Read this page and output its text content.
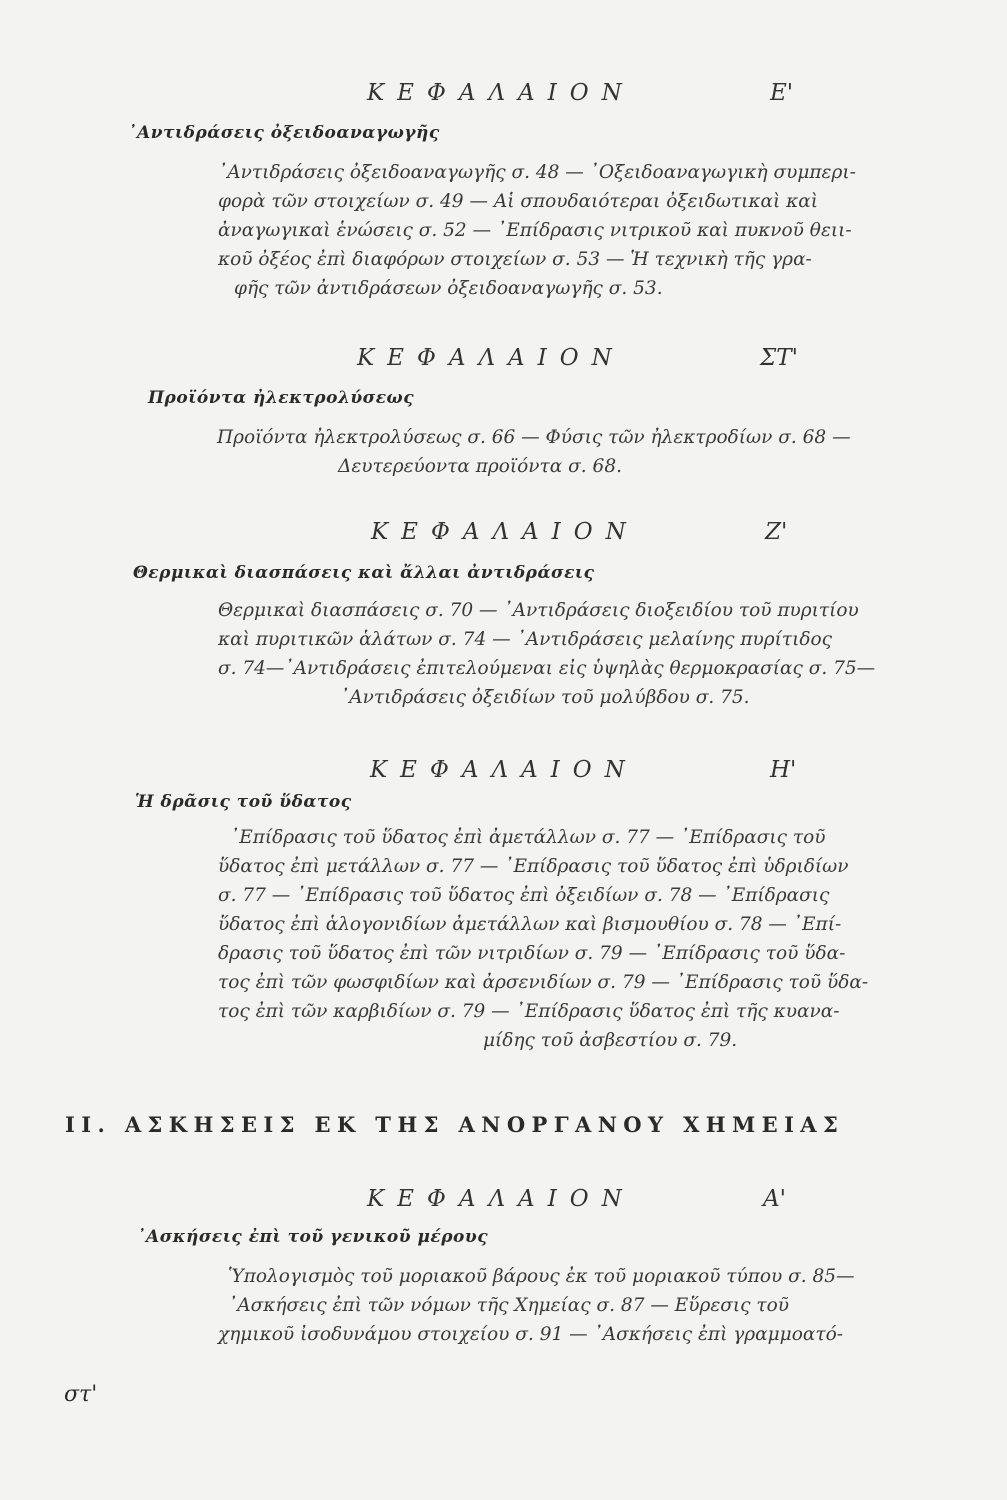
ΚΕΦΑΛΑΙΟΝ	Ε'
᾿Αντιδράσεις ὀξειδοαναγωγῆς
᾿Αντιδράσεις ὀξειδοαναγωγῆς σ. 48 — ᾿Οξειδοαναγωγικὴ συμπερι-
φορὰ τῶν στοιχείων σ. 49 — Αἱ σπουδαιότεραι ὀξειδωτικαὶ καὶ
ἀναγωγικαὶ ἑνώσεις σ. 52 — ᾿Επίδρασις νιτρικοῦ καὶ πυκνοῦ θειι-
κοῦ ὀξέος ἐπὶ διαφόρων στοιχείων σ. 53 — Ἡ τεχνικὴ τῆς γρα-
φῆς τῶν ἀντιδράσεων ὀξειδοαναγωγῆς σ. 53.
ΚΕΦΑΛΑΙΟΝ	ΣΤ'
Προϊόντα ἠλεκτρολύσεως
Προϊόντα ἠλεκτρολύσεως σ. 66 — Φύσις τῶν ἠλεκτροδίων σ. 68 —
Δευτερεύοντα προϊόντα σ. 68.
ΚΕΦΑΛΑΙΟΝ	Ζ'
Θερμικαὶ διασπάσεις καὶ ἄλλαι ἀντιδράσεις
Θερμικαὶ διασπάσεις σ. 70 — ᾿Αντιδράσεις διοξειδίου τοῦ πυριτίου
καὶ πυριτικῶν ἁλάτων σ. 74 — ᾿Αντιδράσεις μελαίνης πυρίτιδος
σ. 74—᾿Αντιδράσεις ἐπιτελούμεναι εἰς ὑψηλὰς θερμοκρασίας σ. 75—
᾿Αντιδράσεις ὀξειδίων τοῦ μολύβδου σ. 75.
ΚΕΦΑΛΑΙΟΝ	Η'
Ἡ δρᾶσις τοῦ ὕδατος
᾿Επίδρασις τοῦ ὕδατος ἐπὶ ἀμετάλλων σ. 77 — ᾿Επίδρασις τοῦ
ὕδατος ἐπὶ μετάλλων σ. 77 — ᾿Επίδρασις τοῦ ὕδατος ἐπὶ ὑδριδίων
σ. 77 — ᾿Επίδρασις τοῦ ὕδατος ἐπὶ ὀξειδίων σ. 78 — ᾿Επίδρασις
ὕδατος ἐπὶ ἁλογονιδίων ἀμετάλλων καὶ βισμουθίου σ. 78 — ᾿Επί-
δρασις τοῦ ὕδατος ἐπὶ τῶν νιτριδίων σ. 79 — ᾿Επίδρασις τοῦ ὕδα-
τος ἐπὶ τῶν φωσφιδίων καὶ ἀρσενιδίων σ. 79 — ᾿Επίδρασις τοῦ ὕδα-
τος ἐπὶ τῶν καρβιδίων σ. 79 — ᾿Επίδρασις ὕδατος ἐπὶ τῆς κυανα-
μίδης τοῦ ἀσβεστίου σ. 79.
ΙΙ. ΑΣΚΗΣΕΙΣ ΕΚ ΤΗΣ ΑΝΟΡΓΑΝΟΥ ΧΗΜΕΙΑΣ
ΚΕΦΑΛΑΙΟΝ	Α'
᾿Ασκήσεις ἐπὶ τοῦ γενικοῦ μέρους
Ὑπολογισμὸς τοῦ μοριακοῦ βάρους ἐκ τοῦ μοριακοῦ τύπου σ. 85—
᾿Ασκήσεις ἐπὶ τῶν νόμων τῆς Χημείας σ. 87 — Εὕρεσις τοῦ
χημικοῦ ἰσοδυνάμου στοιχείου σ. 91 — ᾿Ασκήσεις ἐπὶ γραμμοατό-
στ'
